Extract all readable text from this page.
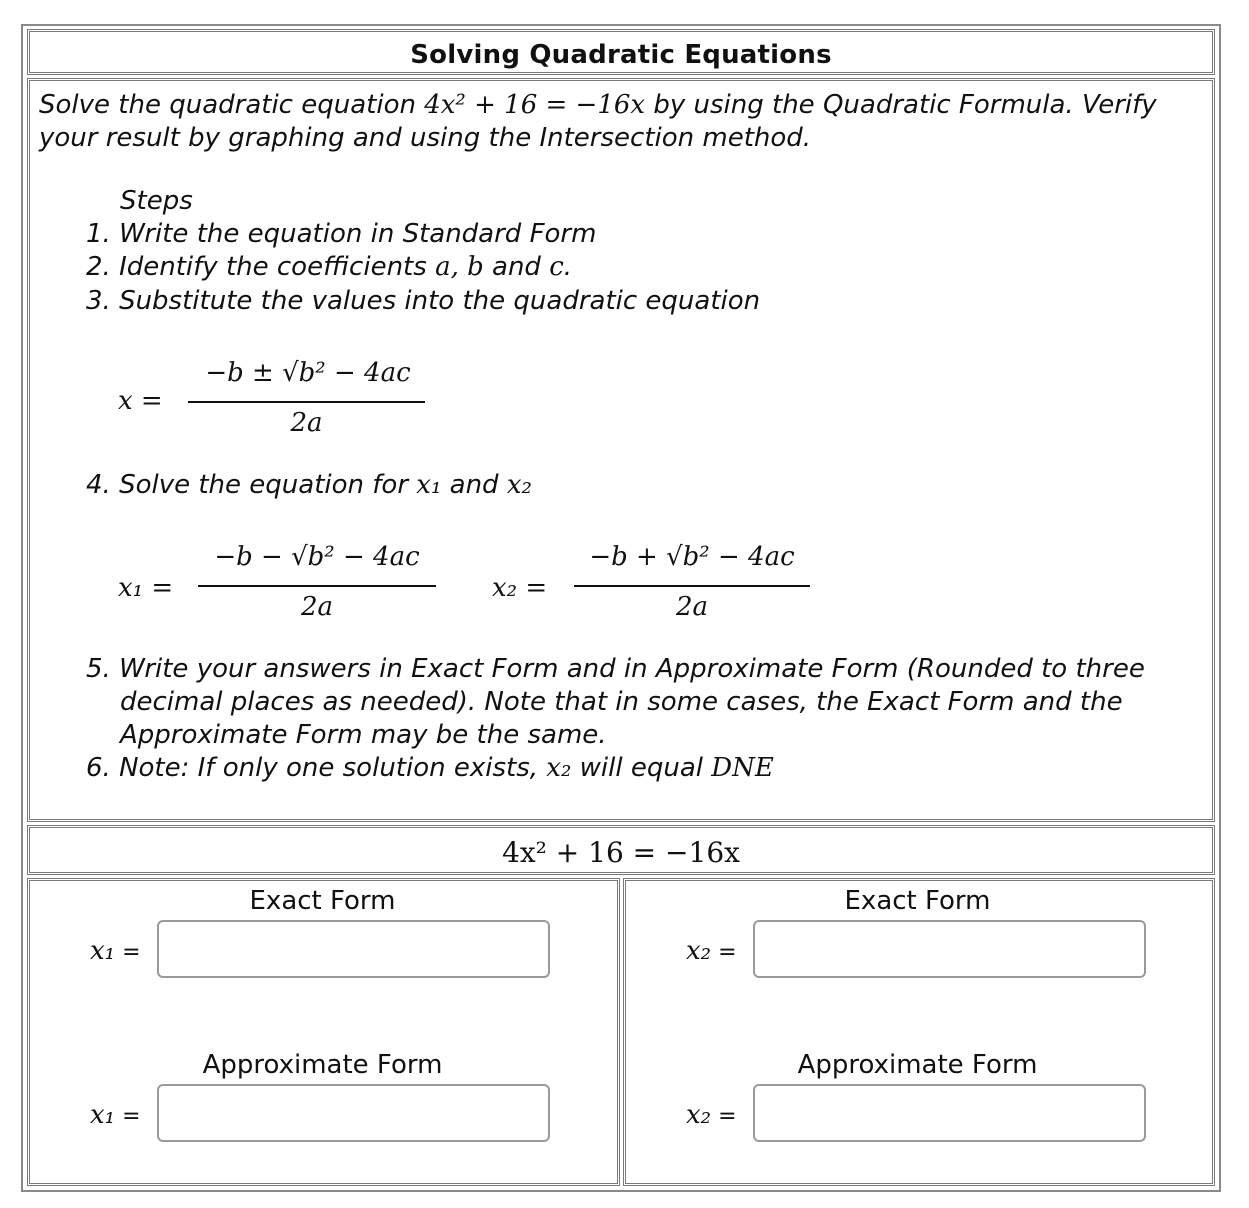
Solving Quadratic Equations
Solve the quadratic equation 4x² + 16 = −16x by using the Quadratic Formula. Verify
your result by graphing and using the Intersection method.
Steps
1. Write the equation in Standard Form
2. Identify the coefficients a, b and c.
3. Substitute the values into the quadratic equation
x =
−b ± √b² − 4ac
2a
4. Solve the equation for x₁ and x₂
x₁ =
−b − √b² − 4ac
2a
x₂ =
−b + √b² − 4ac
2a
5. Write your answers in Exact Form and in Approximate Form (Rounded to three
decimal places as needed). Note that in some cases, the Exact Form and the
Approximate Form may be the same.
6. Note: If only one solution exists, x₂ will equal DNE
4x² + 16 = −16x
Exact Form
x₁ =
Approximate Form
x₁ =
Exact Form
x₂ =
Approximate Form
x₂ =
